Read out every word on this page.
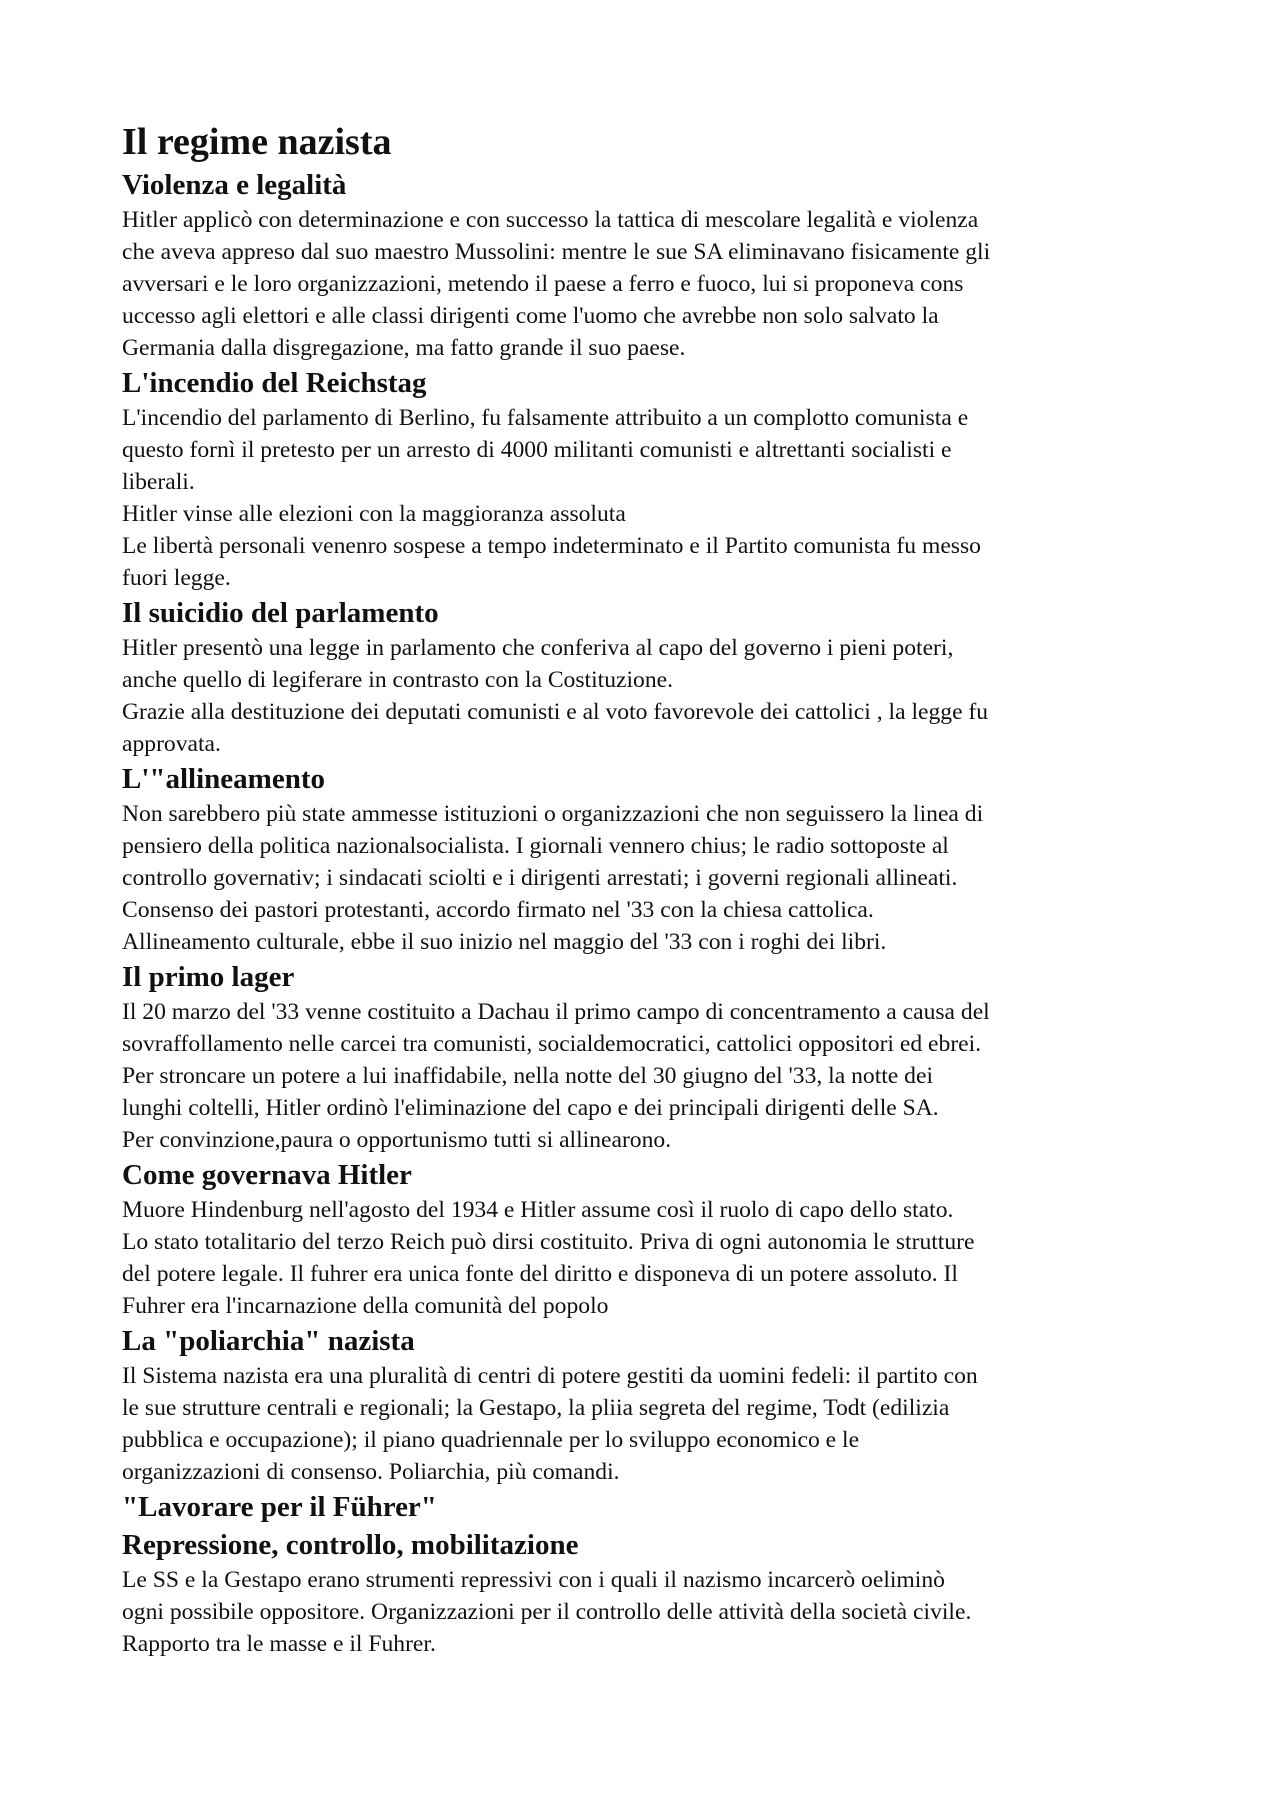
Il regime nazista
Violenza e legalità

Hitler applicò con determinazione e con successo la tattica di mescolare legalità e violenza
che aveva appreso dal suo maestro Mussolini: mentre le sue SA eliminavano fisicamente gli
avversari e le loro organizzazioni, metendo il paese a ferro e fuoco, lui si proponeva cons
uccesso agli elettori e alle classi dirigenti come l'uomo che avrebbe non solo salvato la
Germania dalla disgregazione, ma fatto grande il suo paese.

L'incendio del Reichstag

L'incendio del parlamento di Berlino, fu falsamente attribuito a un complotto comunista e
questo fornì il pretesto per un arresto di 4000 militanti comunisti e altrettanti socialisti e
liberali.

Hitler vinse alle elezioni con la maggioranza assoluta

Le libertà personali venenro sospese a tempo indeterminato e il Partito comunista fu messo
fuori legge.

Il suicidio del parlamento

Hitler presentò una legge in parlamento che conferiva al capo del governo i pieni poteri,
anche quello di legiferare in contrasto con la Costituzione.

Grazie alla destituzione dei deputati comunisti e al voto favorevole dei cattolici , la legge fu
approvata.

L'"allineamento

Non sarebbero più state ammesse istituzioni o organizzazioni che non seguissero la linea di
pensiero della politica nazionalsocialista. I giornali vennero chius; le radio sottoposte al
controllo governativ; i sindacati sciolti e i dirigenti arrestati; i governi regionali allineati.

Consenso dei pastori protestanti, accordo firmato nel '33 con la chiesa cattolica.

Allineamento culturale, ebbe il suo inizio nel maggio del '33 con i roghi dei libri.

Il primo lager

Il 20 marzo del '33 venne costituito a Dachau il primo campo di concentramento a causa del
sovraffollamento nelle carcei tra comunisti, socialdemocratici, cattolici oppositori ed ebrei.

Per stroncare un potere a lui inaffidabile, nella notte del 30 giugno del '33, la notte dei
lunghi coltelli, Hitler ordinò l'eliminazione del capo e dei principali dirigenti delle SA.

Per convinzione,paura o opportunismo tutti si allinearono.

Come governava Hitler

Muore Hindenburg nell'agosto del 1934 e Hitler assume così il ruolo di capo dello stato.

Lo stato totalitario del terzo Reich può dirsi costituito. Priva di ogni autonomia le strutture
del potere legale. Il fuhrer era unica fonte del diritto e disponeva di un potere assoluto. Il
Fuhrer era l'incarnazione della comunità del popolo

La "poliarchia" nazista

Il Sistema nazista era una pluralità di centri di potere gestiti da uomini fedeli: il partito con
le sue strutture centrali e regionali; la Gestapo, la pliia segreta del regime, Todt (edilizia
pubblica e occupazione); il piano quadriennale per lo sviluppo economico e le
organizzazioni di consenso. Poliarchia, più comandi.

"Lavorare per il Führer"
Repressione, controllo, mobilitazione

Le SS e la Gestapo erano strumenti repressivi con i quali il nazismo incarcerò oeliminò
ogni possibile oppositore. Organizzazioni per il controllo delle attività della società civile.
Rapporto tra le masse e il Fuhrer.
